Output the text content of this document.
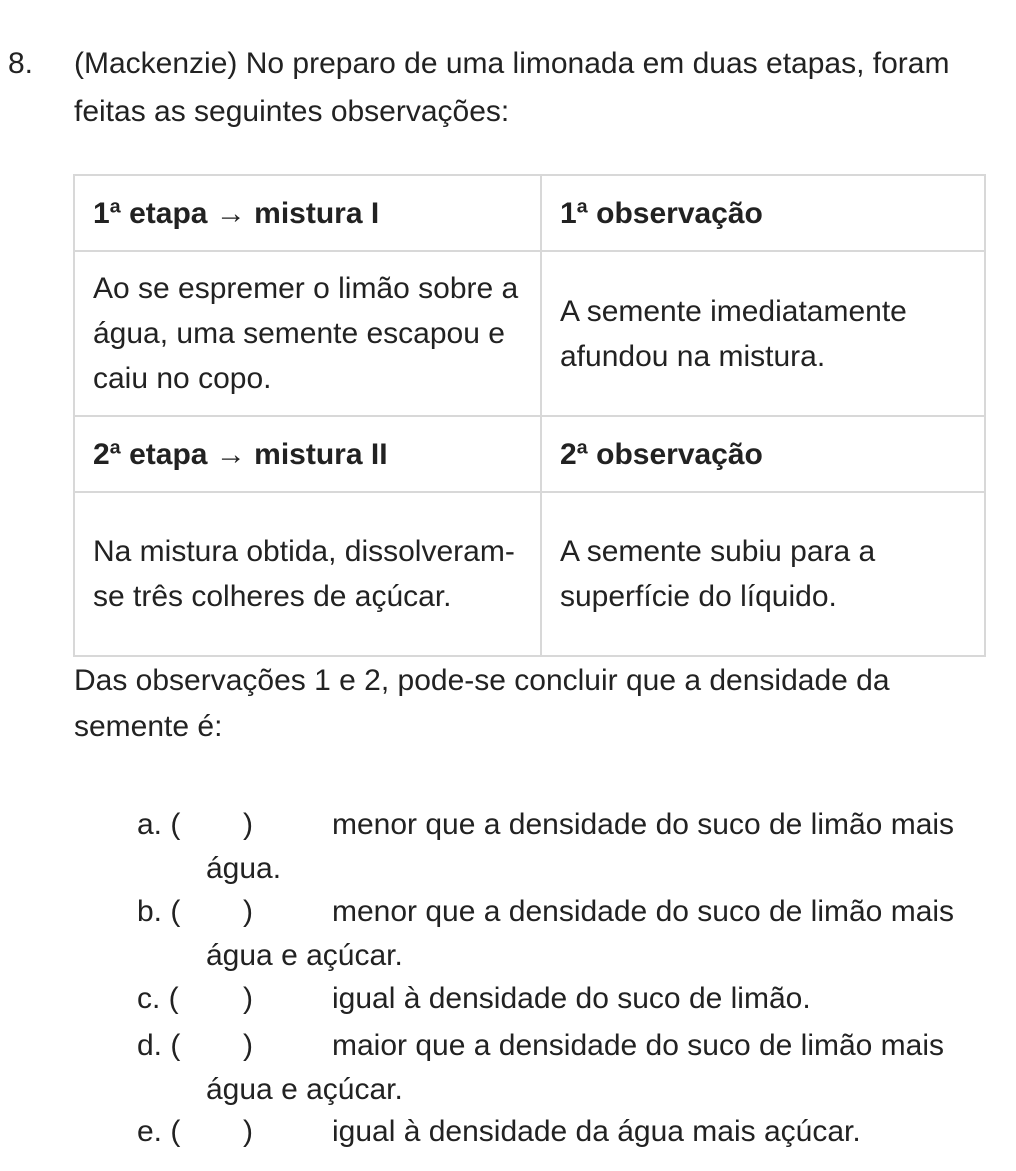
8. (Mackenzie) No preparo de uma limonada em duas etapas, foram feitas as seguintes observações:
1ª etapa → mistura I	1ª observação
Ao se espremer o limão sobre a água, uma semente escapou e caiu no copo.	A semente imediatamente afundou na mistura.
2ª etapa → mistura II	2ª observação
Na mistura obtida, dissolveram-se três colheres de açúcar.	A semente subiu para a superfície do líquido.
Das observações 1 e 2, pode-se concluir que a densidade da semente é:
a. ( )	menor que a densidade do suco de limão mais água.
b. ( )	menor que a densidade do suco de limão mais água e açúcar.
c. ( )	igual à densidade do suco de limão.
d. ( )	maior que a densidade do suco de limão mais água e açúcar.
e. ( )	igual à densidade da água mais açúcar.
